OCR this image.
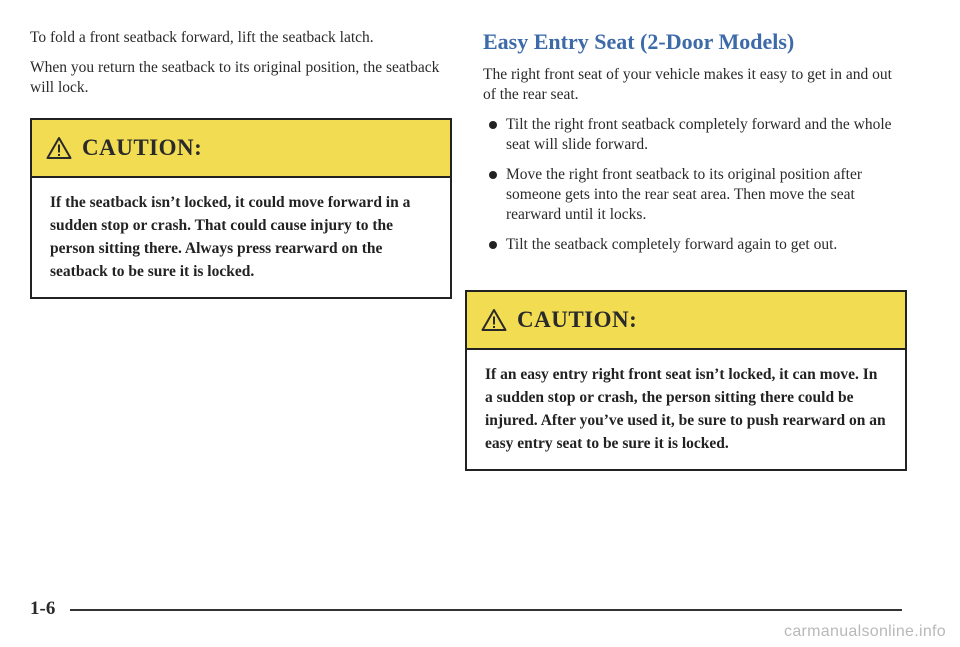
To fold a front seatback forward, lift the seatback latch.

When you return the seatback to its original position, the seatback will lock.

CAUTION:
If the seatback isn’t locked, it could move forward in a sudden stop or crash. That could cause injury to the person sitting there. Always press rearward on the seatback to be sure it is locked.
Easy Entry Seat (2-Door Models)

The right front seat of your vehicle makes it easy to get in and out of the rear seat.

Tilt the right front seatback completely forward and the whole seat will slide forward.
Move the right front seatback to its original position after someone gets into the rear seat area. Then move the seat rearward until it locks.
Tilt the seatback completely forward again to get out.
CAUTION:
If an easy entry right front seat isn’t locked, it can move. In a sudden stop or crash, the person sitting there could be injured. After you’ve used it, be sure to push rearward on an easy entry seat to be sure it is locked.
1-6
carmanualsonline.info
